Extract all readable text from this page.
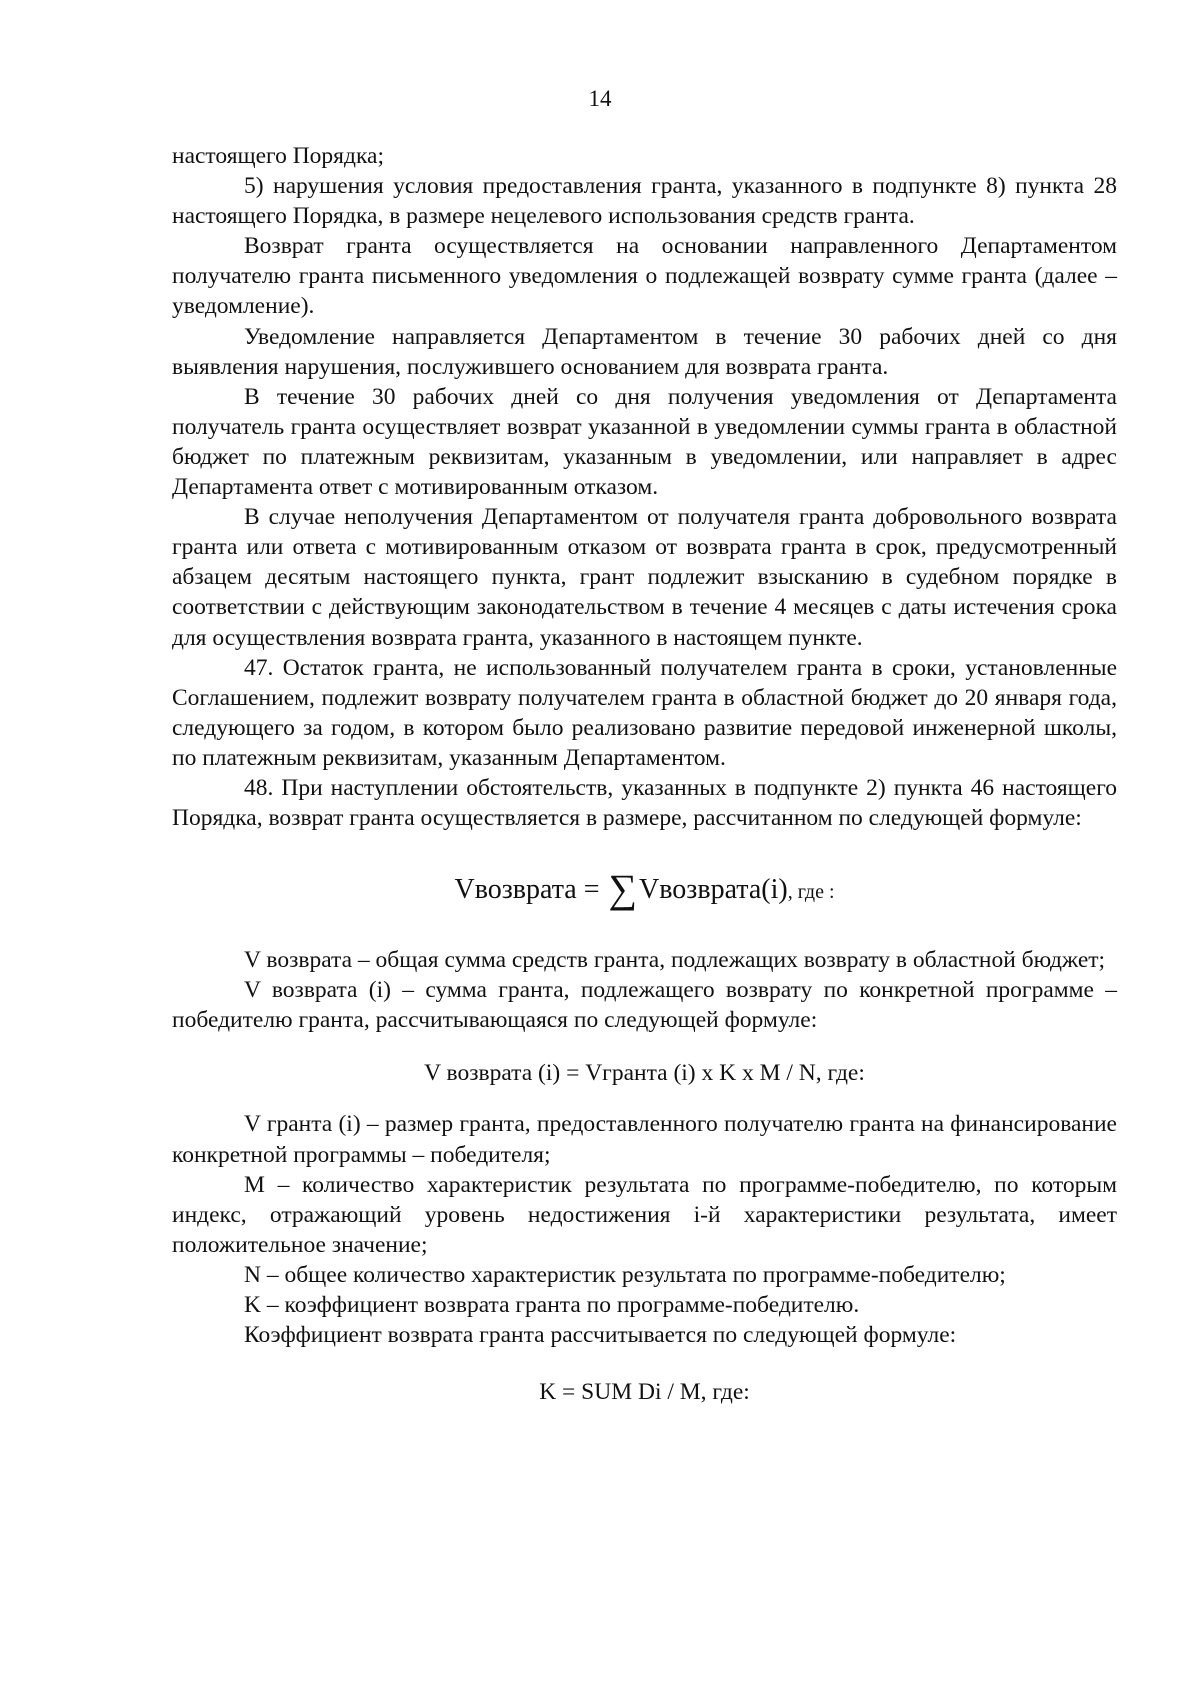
14

настоящего Порядка;

5) нарушения условия предоставления гранта, указанного в подпункте 8) пункта 28 настоящего Порядка, в размере нецелевого использования средств гранта.

Возврат гранта осуществляется на основании направленного Департаментом получателю гранта письменного уведомления о подлежащей возврату сумме гранта (далее – уведомление).

Уведомление направляется Департаментом в течение 30 рабочих дней со дня выявления нарушения, послужившего основанием для возврата гранта.

В течение 30 рабочих дней со дня получения уведомления от Департамента получатель гранта осуществляет возврат указанной в уведомлении суммы гранта в областной бюджет по платежным реквизитам, указанным в уведомлении, или направляет в адрес Департамента ответ с мотивированным отказом.

В случае неполучения Департаментом от получателя гранта добровольного возврата гранта или ответа с мотивированным отказом от возврата гранта в срок, предусмотренный абзацем десятым настоящего пункта, грант подлежит взысканию в судебном порядке в соответствии с действующим законодательством в течение 4 месяцев с даты истечения срока для осуществления возврата гранта, указанного в настоящем пункте.

47. Остаток гранта, не использованный получателем гранта в сроки, установленные Соглашением, подлежит возврату получателем гранта в областной бюджет до 20 января года, следующего за годом, в котором было реализовано развитие передовой инженерной школы, по платежным реквизитам, указанным Департаментом.

48. При наступлении обстоятельств, указанных в подпункте 2) пункта 46 настоящего Порядка, возврат гранта осуществляется в размере, рассчитанном по следующей формуле:

Vвозврата = ∑Vвозврата(i), где :

V возврата – общая сумма средств гранта, подлежащих возврату в областной бюджет;

V возврата (i) – сумма гранта, подлежащего возврату по конкретной программе – победителю гранта, рассчитывающаяся по следующей формуле:

V возврата (i) = Vгранта (i) x K x M / N, где:

V гранта (i) – размер гранта, предоставленного получателю гранта на финансирование конкретной программы – победителя;

M – количество характеристик результата по программе-победителю, по которым индекс, отражающий уровень недостижения i-й характеристики результата, имеет положительное значение;

N – общее количество характеристик результата по программе-победителю;

K – коэффициент возврата гранта по программе-победителю.

Коэффициент возврата гранта рассчитывается по следующей формуле:

K = SUM Di / M, где:
